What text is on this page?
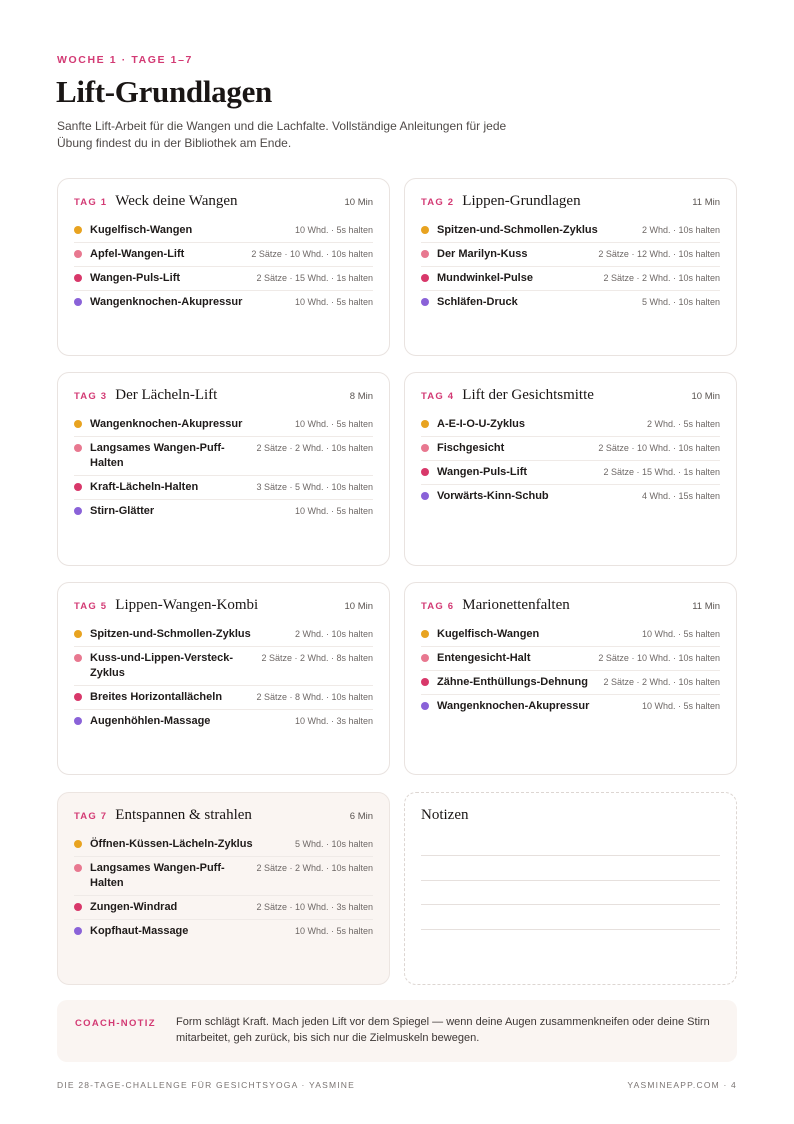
WOCHE 1 · TAGE 1–7
Lift-Grundlagen

Sanfte Lift-Arbeit für die Wangen und die Lachfalte. Vollständige Anleitungen für jede Übung findest du in der Bibliothek am Ende.

TAG 1 Weck deine Wangen	10 Min
Kugelfisch-Wangen	10 Whd. · 5s halten
Apfel-Wangen-Lift	2 Sätze · 10 Whd. · 10s halten
Wangen-Puls-Lift	2 Sätze · 15 Whd. · 1s halten
Wangenknochen-Akupressur	10 Whd. · 5s halten
TAG 2 Lippen-Grundlagen	11 Min
Spitzen-und-Schmollen-Zyklus	2 Whd. · 10s halten
Der Marilyn-Kuss	2 Sätze · 12 Whd. · 10s halten
Mundwinkel-Pulse	2 Sätze · 2 Whd. · 10s halten
Schläfen-Druck	5 Whd. · 10s halten
TAG 3 Der Lächeln-Lift	8 Min
Wangenknochen-Akupressur	10 Whd. · 5s halten
Langsames Wangen-Puff-Halten
2 Sätze · 2 Whd. · 10s halten
Kraft-Lächeln-Halten	3 Sätze · 5 Whd. · 10s halten
Stirn-Glätter	10 Whd. · 5s halten
TAG 4 Lift der Gesichtsmitte	10 Min
A-E-I-O-U-Zyklus	2 Whd. · 5s halten
Fischgesicht	2 Sätze · 10 Whd. · 10s halten
Wangen-Puls-Lift	2 Sätze · 15 Whd. · 1s halten
Vorwärts-Kinn-Schub	4 Whd. · 15s halten
TAG 5 Lippen-Wangen-Kombi	10 Min
Spitzen-und-Schmollen-Zyklus	2 Whd. · 10s halten
Kuss-und-Lippen-Versteck-Zyklus
2 Sätze · 2 Whd. · 8s halten
Breites Horizontallächeln	2 Sätze · 8 Whd. · 10s halten
Augenhöhlen-Massage	10 Whd. · 3s halten
TAG 6 Marionettenfalten	11 Min
Kugelfisch-Wangen	10 Whd. · 5s halten
Entengesicht-Halt	2 Sätze · 10 Whd. · 10s halten
Zähne-Enthüllungs-Dehnung	2 Sätze · 2 Whd. · 10s halten
Wangenknochen-Akupressur	10 Whd. · 5s halten
TAG 7 Entspannen & strahlen	6 Min
Öffnen-Küssen-Lächeln-Zyklus	5 Whd. · 10s halten
Langsames Wangen-Puff-Halten
2 Sätze · 2 Whd. · 10s halten
Zungen-Windrad	2 Sätze · 10 Whd. · 3s halten
Kopfhaut-Massage	10 Whd. · 5s halten
Notizen
COACH-NOTIZ Form schlägt Kraft. Mach jeden Lift vor dem Spiegel — wenn deine Augen zusammenkneifen oder deine Stirn mitarbeitet, geh zurück, bis sich nur die Zielmuskeln bewegen.
DIE 28-TAGE-CHALLENGE FÜR GESICHTSYOGA · YASMINE	YASMINEAPP.COM · 4
